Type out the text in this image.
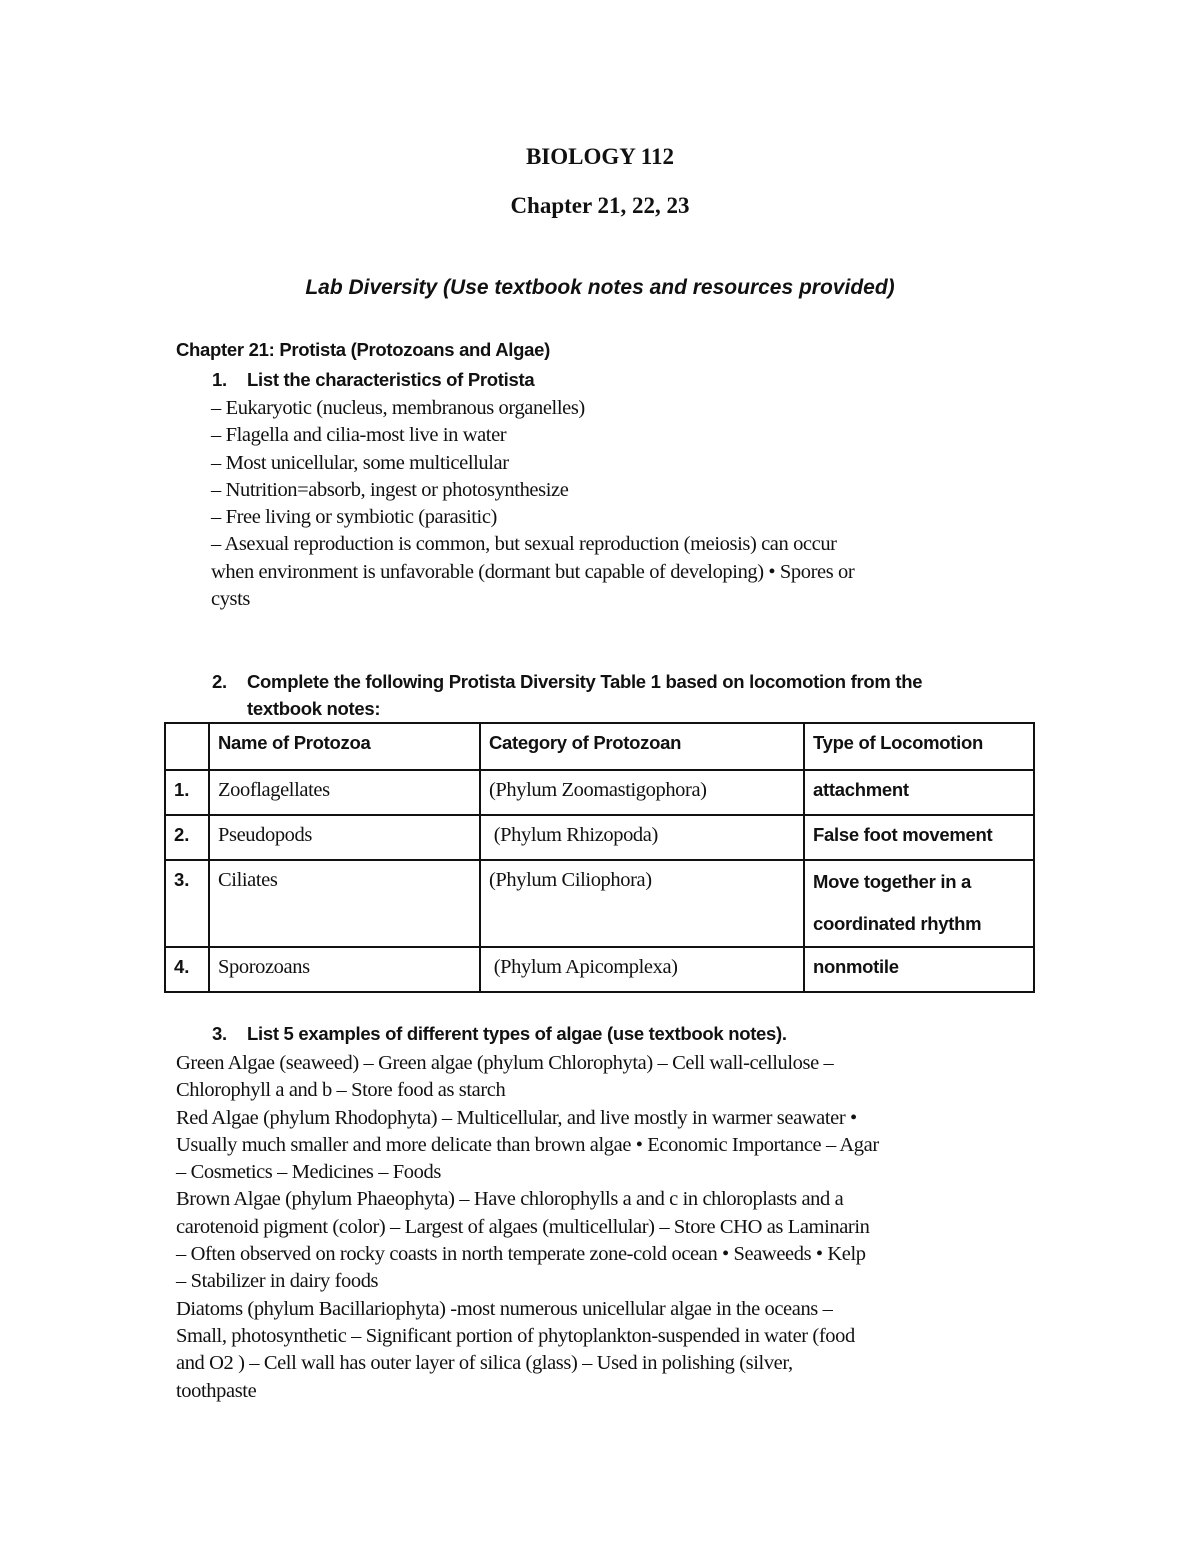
BIOLOGY 112
Chapter 21, 22, 23
Lab Diversity (Use textbook notes and resources provided)
Chapter 21: Protista (Protozoans and Algae)
1. List the characteristics of Protista
– Eukaryotic (nucleus, membranous organelles)
– Flagella and cilia-most live in water
– Most unicellular, some multicellular
– Nutrition=absorb, ingest or photosynthesize
– Free living or symbiotic (parasitic)
– Asexual reproduction is common, but sexual reproduction (meiosis) can occur
when environment is unfavorable (dormant but capable of developing) • Spores or
cysts
2. Complete the following Protista Diversity Table 1 based on locomotion from the
textbook notes:
	Name of Protozoa	Category of Protozoan	Type of Locomotion
1.	Zooflagellates	(Phylum Zoomastigophora)	attachment
2.	Pseudopods	(Phylum Rhizopoda)	False foot movement
3.	Ciliates	(Phylum Ciliophora)	Move together in a coordinated rhythm
4.	Sporozoans	(Phylum Apicomplexa)	nonmotile
3. List 5 examples of different types of algae (use textbook notes).
Green Algae (seaweed) – Green algae (phylum Chlorophyta) – Cell wall-cellulose –
Chlorophyll a and b – Store food as starch
Red Algae (phylum Rhodophyta) – Multicellular, and live mostly in warmer seawater •
Usually much smaller and more delicate than brown algae • Economic Importance – Agar
– Cosmetics – Medicines – Foods
Brown Algae (phylum Phaeophyta) – Have chlorophylls a and c in chloroplasts and a
carotenoid pigment (color) – Largest of algaes (multicellular) – Store CHO as Laminarin
– Often observed on rocky coasts in north temperate zone-cold ocean • Seaweeds • Kelp
– Stabilizer in dairy foods
Diatoms (phylum Bacillariophyta) -most numerous unicellular algae in the oceans –
Small, photosynthetic – Significant portion of phytoplankton-suspended in water (food
and O2 ) – Cell wall has outer layer of silica (glass) – Used in polishing (silver,
toothpaste
